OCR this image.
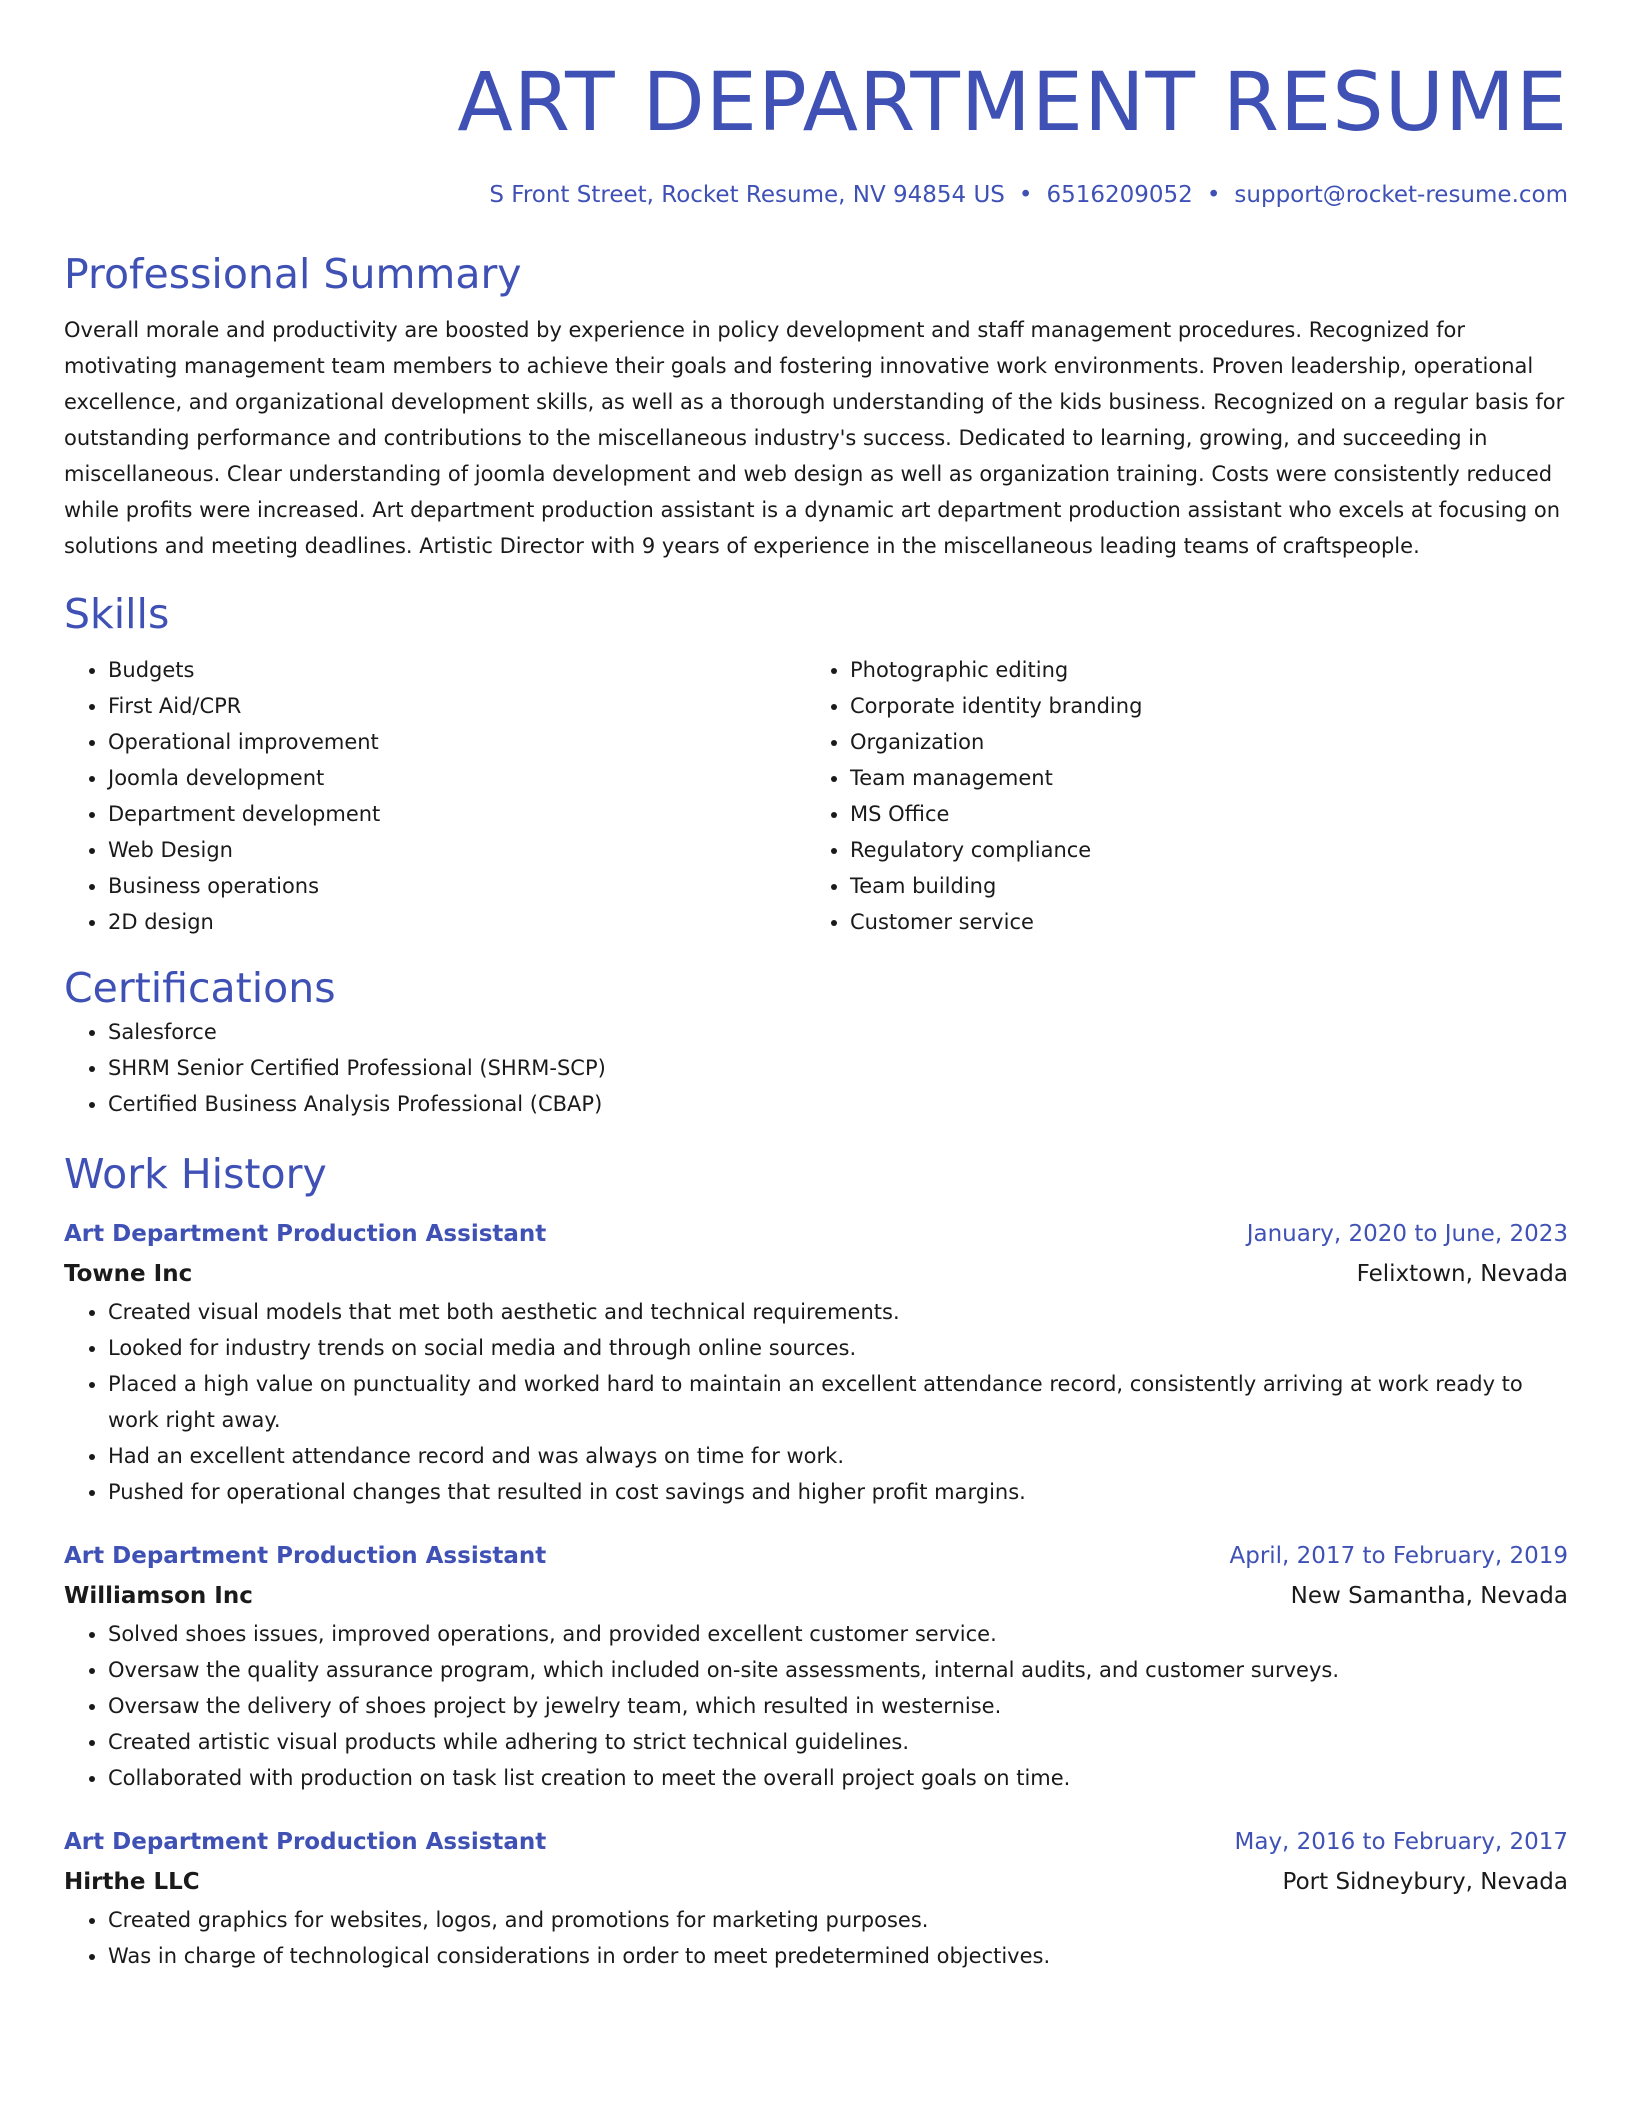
ART DEPARTMENT RESUME
S Front Street, Rocket Resume, NV 94854 US • 6516209052 • support@rocket-resume.com
Professional Summary

Overall morale and productivity are boosted by experience in policy development and staff management procedures. Recognized for motivating management team members to achieve their goals and fostering innovative work environments. Proven leadership, operational excellence, and organizational development skills, as well as a thorough understanding of the kids business. Recognized on a regular basis for outstanding performance and contributions to the miscellaneous industry's success. Dedicated to learning, growing, and succeeding in miscellaneous. Clear understanding of joomla development and web design as well as organization training. Costs were consistently reduced while profits were increased. Art department production assistant is a dynamic art department production assistant who excels at focusing on solutions and meeting deadlines. Artistic Director with 9 years of experience in the miscellaneous leading teams of craftspeople.

Skills
• Budgets
• First Aid/CPR
• Operational improvement
• Joomla development
• Department development
• Web Design
• Business operations
• 2D design
• Photographic editing
• Corporate identity branding
• Organization
• Team management
• MS Office
• Regulatory compliance
• Team building
• Customer service
Certifications
• Salesforce
• SHRM Senior Certified Professional (SHRM-SCP)
• Certified Business Analysis Professional (CBAP)
Work History
Art Department Production Assistant	January, 2020 to June, 2023
Towne Inc	Felixtown, Nevada
• Created visual models that met both aesthetic and technical requirements.
• Looked for industry trends on social media and through online sources.
• Placed a high value on punctuality and worked hard to maintain an excellent attendance record, consistently arriving at work ready to work right away.
• Had an excellent attendance record and was always on time for work.
• Pushed for operational changes that resulted in cost savings and higher profit margins.
Art Department Production Assistant	April, 2017 to February, 2019
Williamson Inc	New Samantha, Nevada
• Solved shoes issues, improved operations, and provided excellent customer service.
• Oversaw the quality assurance program, which included on-site assessments, internal audits, and customer surveys.
• Oversaw the delivery of shoes project by jewelry team, which resulted in westernise.
• Created artistic visual products while adhering to strict technical guidelines.
• Collaborated with production on task list creation to meet the overall project goals on time.
Art Department Production Assistant	May, 2016 to February, 2017
Hirthe LLC	Port Sidneybury, Nevada
• Created graphics for websites, logos, and promotions for marketing purposes.
• Was in charge of technological considerations in order to meet predetermined objectives.
